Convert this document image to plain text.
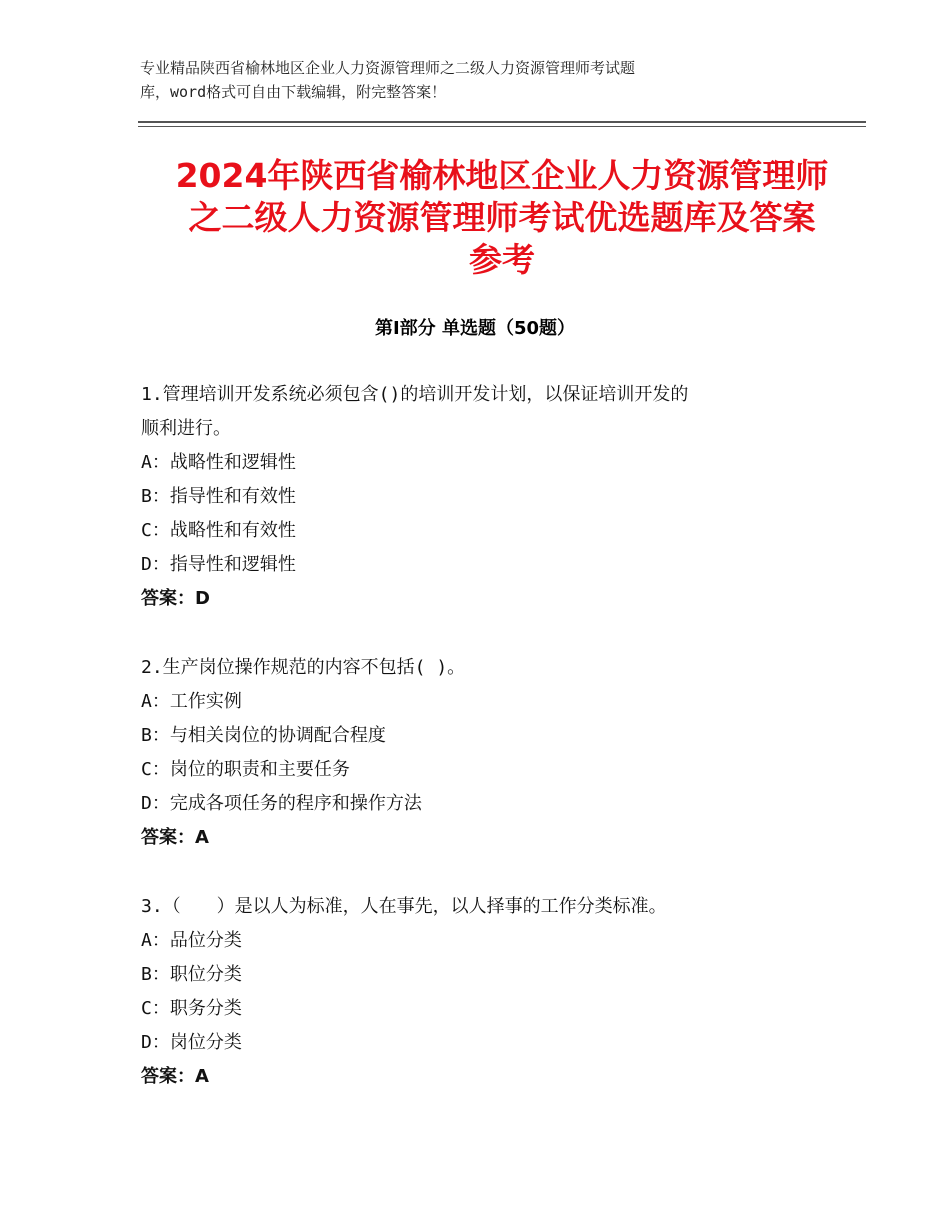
专业精品陕西省榆林地区企业人力资源管理师之二级人力资源管理师考试题
库，word格式可自由下载编辑，附完整答案！
2024年陕西省榆林地区企业人力资源管理师
之二级人力资源管理师考试优选题库及答案
参考
第Ⅰ部分 单选题（50题）
1.管理培训开发系统必须包含()的培训开发计划，以保证培训开发的
顺利进行。
A：战略性和逻辑性
B：指导性和有效性
C：战略性和有效性
D：指导性和逻辑性
答案：D
2.生产岗位操作规范的内容不包括( )。
A：工作实例
B：与相关岗位的协调配合程度
C：岗位的职责和主要任务
D：完成各项任务的程序和操作方法
答案：A
3.（　　）是以人为标准，人在事先，以人择事的工作分类标准。
A：品位分类
B：职位分类
C：职务分类
D：岗位分类
答案：A
